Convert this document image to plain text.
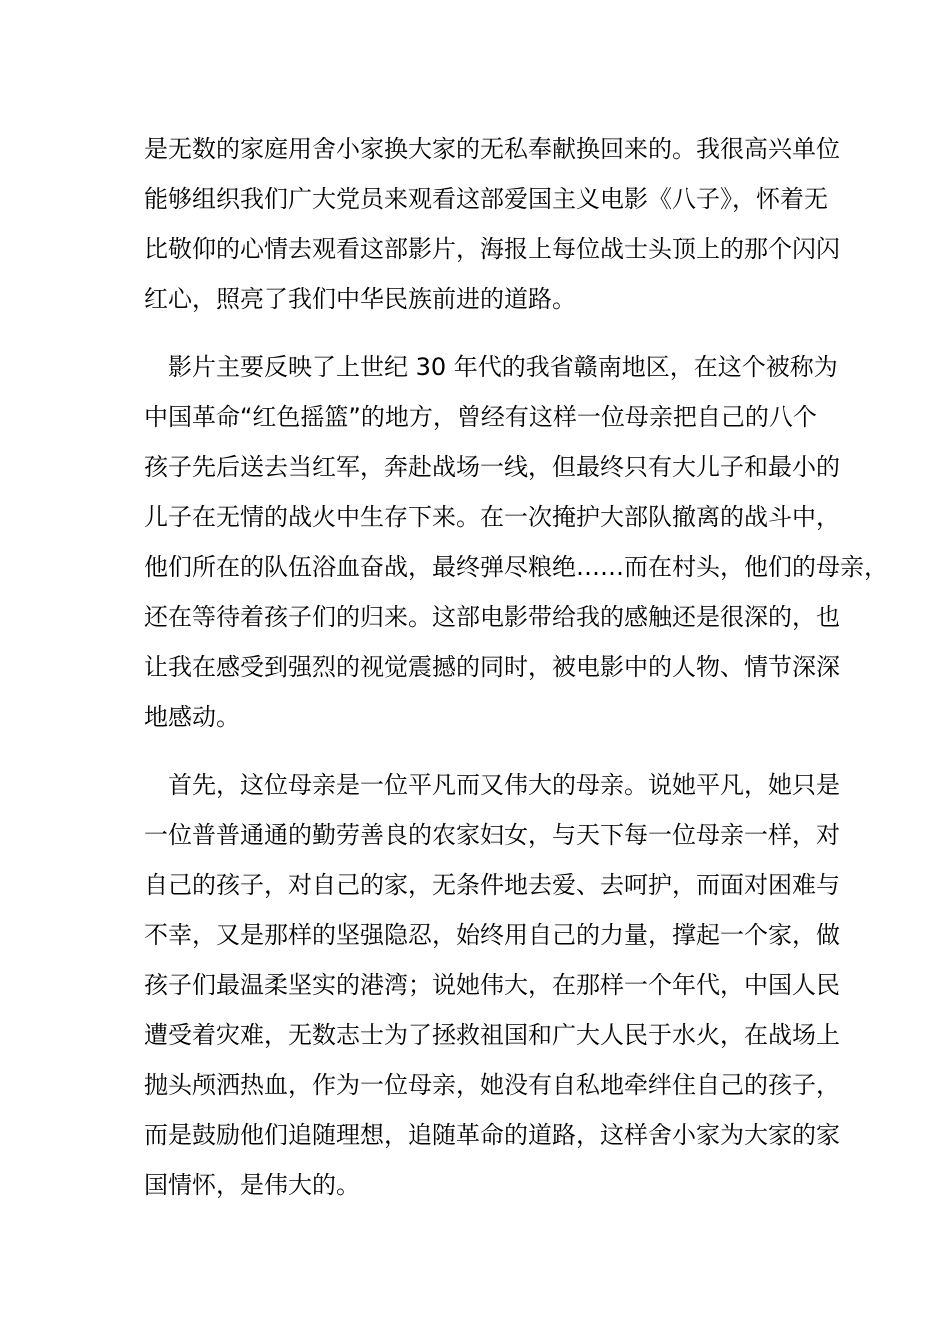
是无数的家庭用舍小家换大家的无私奉献换回来的。我很高兴单位
能够组织我们广大党员来观看这部爱国主义电影《八子》，怀着无
比敬仰的心情去观看这部影片，海报上每位战士头顶上的那个闪闪
红心，照亮了我们中华民族前进的道路。
　影片主要反映了上世纪 30 年代的我省赣南地区，在这个被称为
中国革命“红色摇篮”的地方，曾经有这样一位母亲把自己的八个
孩子先后送去当红军，奔赴战场一线，但最终只有大儿子和最小的
儿子在无情的战火中生存下来。在一次掩护大部队撤离的战斗中，
他们所在的队伍浴血奋战，最终弹尽粮绝……而在村头，他们的母亲，
还在等待着孩子们的归来。这部电影带给我的感触还是很深的，也
让我在感受到强烈的视觉震撼的同时，被电影中的人物、情节深深
地感动。
　首先，这位母亲是一位平凡而又伟大的母亲。说她平凡，她只是
一位普普通通的勤劳善良的农家妇女，与天下每一位母亲一样，对
自己的孩子，对自己的家，无条件地去爱、去呵护，而面对困难与
不幸，又是那样的坚强隐忍，始终用自己的力量，撑起一个家，做
孩子们最温柔坚实的港湾；说她伟大，在那样一个年代，中国人民
遭受着灾难，无数志士为了拯救祖国和广大人民于水火，在战场上
抛头颅洒热血，作为一位母亲，她没有自私地牵绊住自己的孩子，
而是鼓励他们追随理想，追随革命的道路，这样舍小家为大家的家
国情怀，是伟大的。
